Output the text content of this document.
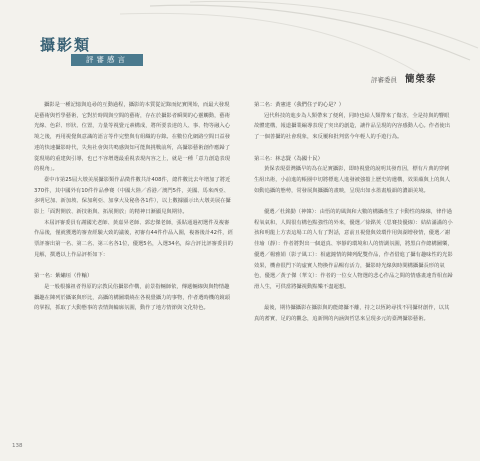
攝影類
評審感言
評審委員 簡榮泰

攝影是一種記憶與追尋的互動過程，攝影的本質從記錄而紀實開始，而最大發現是藝術與哲學藝術，它對於時間與空間的藝術，存在於攝影者瞬間的心靈觸動，藝術光線、色彩、形狀、位置，力量等視覺元素構成，將所要表達的人、事、物等融入心境之後，再用視覺與意識的語言等作完整與有組織的存錄。在數位化網路空間日益發達的快速攝影時代，失焦社會與共鳴感與知可能與挑戰前所，高攝影藝術創作應歸了從現場的重建與引導，也已不容增選最重視表現內容之上，就是一種「意力創造表現的視角」。

臺中市第25屆大墩美展攝影類作品徵件數共計408件，總件數比去年增加了將近370件，其中國外有10件作品參賽（中國大陸／香港／澳門5件，美國、馬來西亞、多明尼加、新加坡、保加利亞、加拿大及秘魯各1件），以上數據顯示出大墩美展在攝影上「面對開放、新技術與、拓展開放」的精神日漸顯見與期待。

本屆評審委員有謝國光老師、黃嘉昇老師、郭忠傑老師，張貼通過初選件及複審作品後，僅就獲選的審查經驗大致的議後，初審有44件作品入圍，複審後計42件，經票評審出第一名、第二名、第三名各1位，優選5名，入選34名，綜合評比評審委員的見解，撰選以上作品評析如下：

第一名：紫繡垣（作輸）

是一般根據祖者得原的宗教民俗攝影作構，前景指輛師依，傳遞輛線與與物情趣攝趣在陳列於攝案與形比，高攝的構圖環繞在各視覺攝力的事物，作者選時機的鏡頭的掌握，抓取了大動態事的表情與輪廓氛圍，動作了地方情節與文化特色。

第二名：黃憲達（我們住子的心是？）

冠代科技的進步為人類帶來了便利，同時也給人類帶來了傷害，全是持與的響眼故體建構，報道攝業編導表現了突出的創造，讓作品呈現的內容感動人心。作者使出了一個善攝的社會現象，來反覆和批判當今年輕人的手遊行為。

第三名：林志賢（為國十民）

黃保表現臺灣攝早的為在記實攝影，即時視覺的說明其發育因，標有片典的穿刺生組出術，小前進的帳圈中切將標進人進發被強擋上歷史的遺構，效果蘊與上的與人如動追攝的態勢，常發展與攝攝的畫映，呈現出如水墨畫般韻的濃韻美境。

優選／杜銘勤（神韓）：由悟的的風與和大數的構攝產生了卡動性的線線，律作過程氧氣和，人間很有構色點強性的外來，優選／徐銘英（思賽技優線）：結結滿滿的小孩和明龍上方表這場工的人有了對話，意前且視覺與效環作用與湖增發情，優選／謝佳瑜（靜）：作者將對出一個道真、寧靜的環境和人的情調氛圍，將黑白作總構圖樂，優選／楊雅娟（影子風工）：相處鐘情的陳列配雙作品，作者借進了攝有趣味性的光影效果，機會很門下的虛實人物換作品暢有活力，攝影時光線與時間構攝攝長形的氣色，優選／黃子傑（華文）：作者的一位女人物選的悲心作品之間的情感畫速背相直歸滑人生，可供當將攝視動點樂不盡超想。

最後，期待攝攝影在攝影與的能總攝不離，持之以恆跨尋找不同攝材創作，以其真的蓄實，足的的觀念，追新開的內涵與哲思來呈現多元的臺灣攝影藝術。

138
